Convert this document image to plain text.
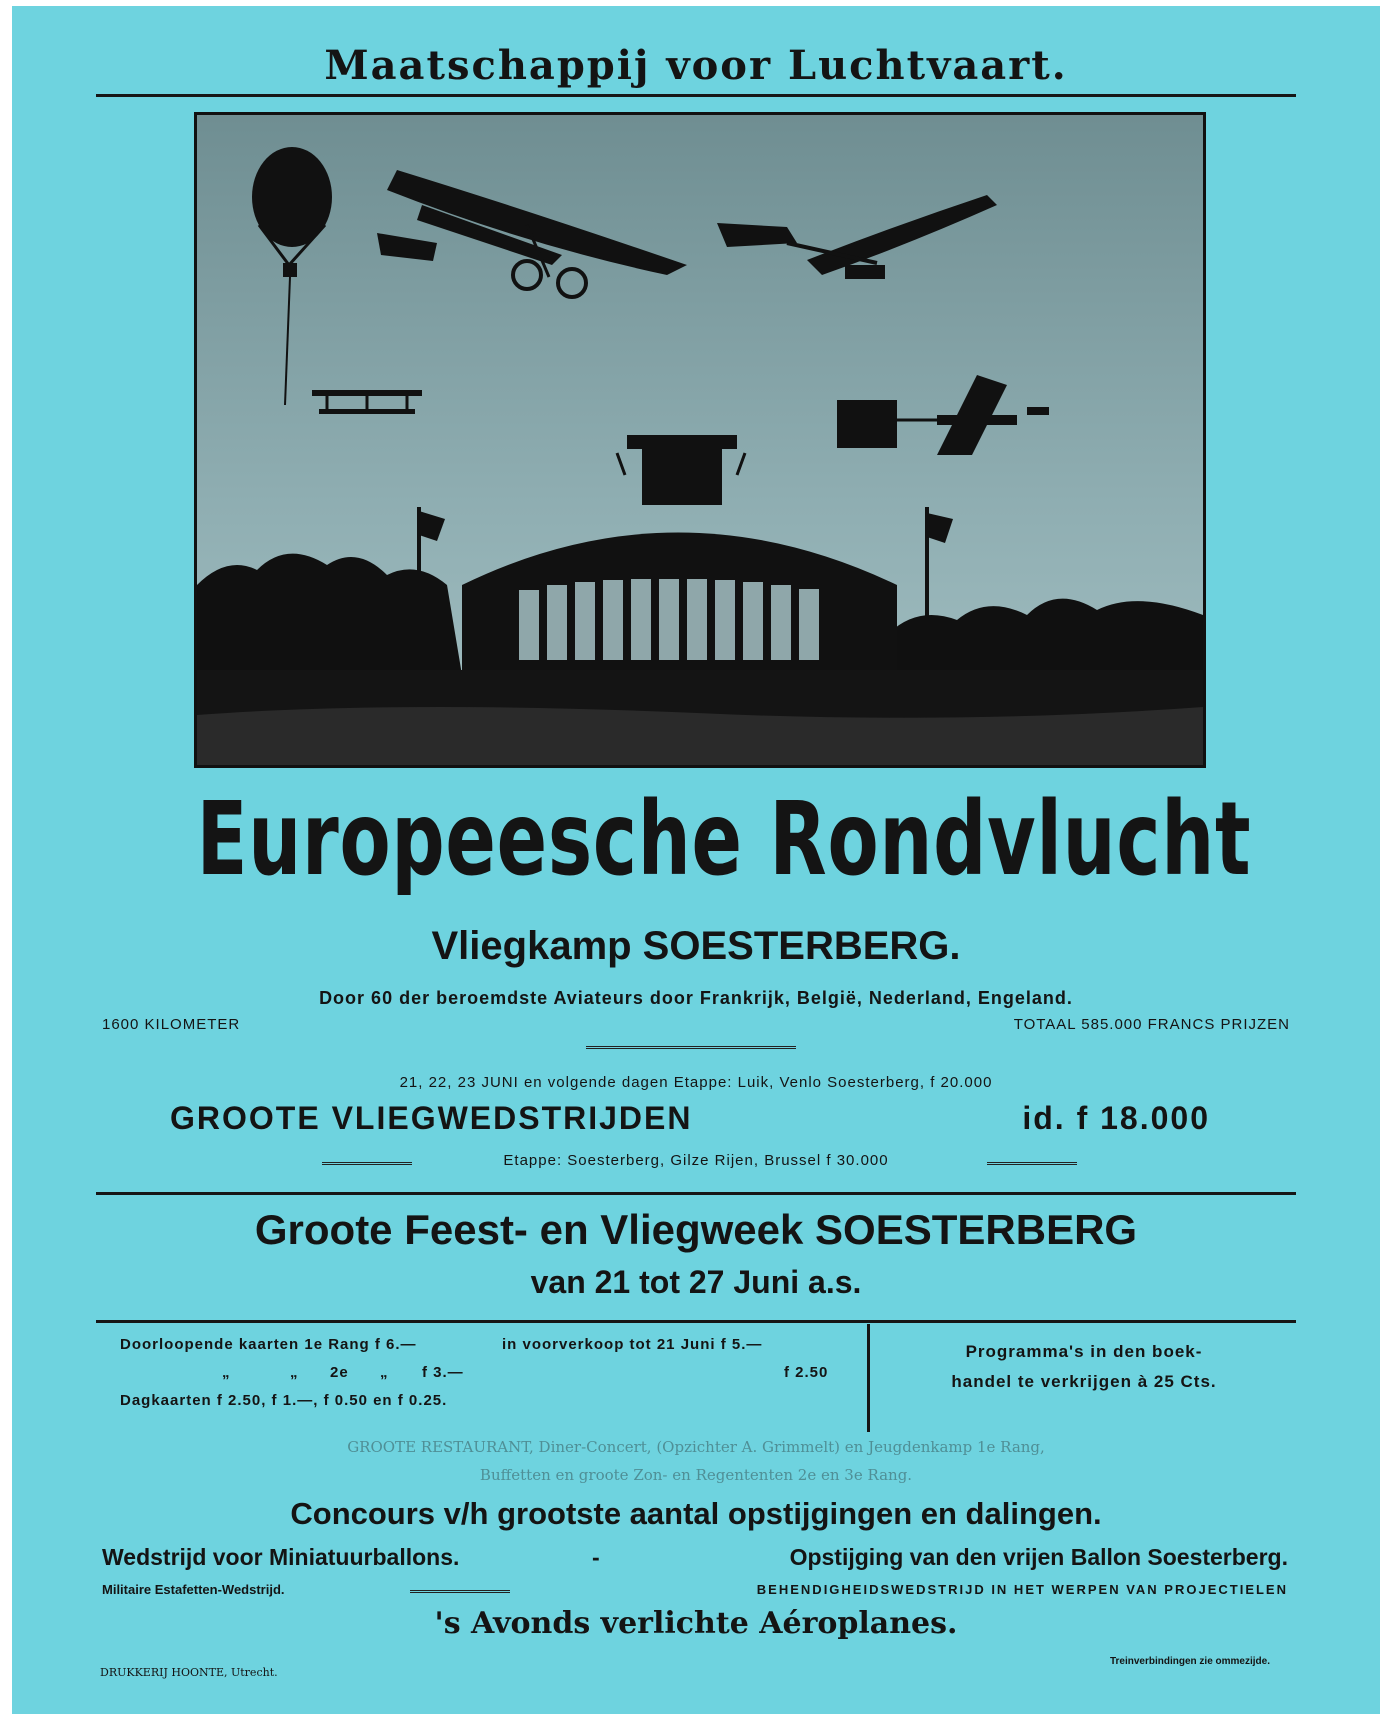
Maatschappij voor Luchtvaart.
Europeesche Rondvlucht
Vliegkamp SOESTERBERG.
Door 60 der beroemdste Aviateurs door Frankrijk, België, Nederland, Engeland.
1600 KILOMETER	TOTAAL 585.000 FRANCS PRIJZEN
21, 22, 23 JUNI en volgende dagen Etappe: Luik, Venlo Soesterberg, f 20.000
GROOTE VLIEGWEDSTRIJDEN	id. f 18.000
Etappe: Soesterberg, Gilze Rijen, Brussel f 30.000
Groote Feest- en Vliegweek SOESTERBERG
van 21 tot 27 Juni a.s.
Doorloopende kaarten 1e Rang f 6.—	in voorverkoop tot 21 Juni f 5.—
„	„ 2e „ f 3.—	f 2.50
Dagkaarten f 2.50, f 1.—, f 0.50 en f 0.25.
Programma's in den boek-
handel te verkrijgen à 25 Cts.
GROOTE RESTAURANT, Diner-Concert, (Opzichter A. Grimmelt) en Jeugdenkamp 1e Rang,
Buffetten en groote Zon- en Regententen 2e en 3e Rang.
Concours v/h grootste aantal opstijgingen en dalingen.
Wedstrijd voor Miniatuurballons.	-	Opstijging van den vrijen Ballon Soesterberg.
Militaire Estafetten-Wedstrijd.	BEHENDIGHEIDSWEDSTRIJD IN HET WERPEN VAN PROJECTIELEN
's Avonds verlichte Aéroplanes.
DRUKKERIJ HOONTE, Utrecht.
Treinverbindingen zie ommezijde.
